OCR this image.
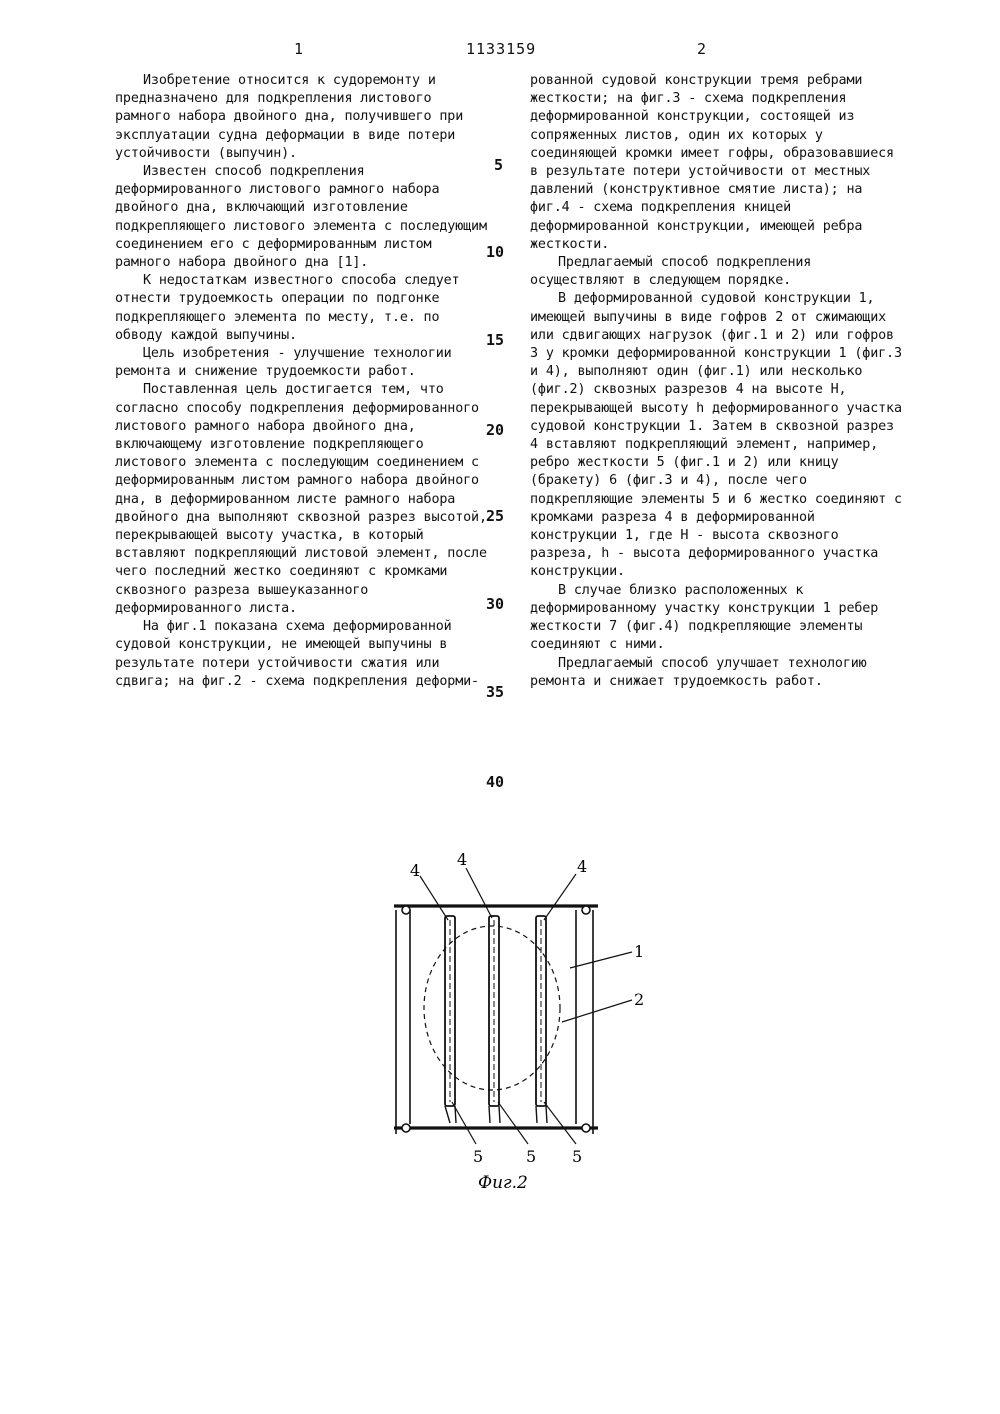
1	1133159	2

Изобретение относится к судоремонту и предназначено для подкрепления листового рамного набора двойного дна, получившего при эксплуатации судна деформации в виде потери устойчивости (выпучин).

Известен способ подкрепления деформированного листового рамного набора двойного дна, включающий изготовление подкрепляющего листового элемента с последующим соединением его с деформированным листом рамного набора двойного дна [1].

К недостаткам известного способа следует отнести трудоемкость операции по подгонке подкрепляющего элемента по месту, т.е. по обводу каждой выпучины.

Цель изобретения - улучшение технологии ремонта и снижение трудоемкости работ.

Поставленная цель достигается тем, что согласно способу подкрепления деформированного листового рамного набора двойного дна, включающему изготовление подкрепляющего листового элемента с последующим соединением с деформированным листом рамного набора двойного дна, в деформированном листе рамного набора двойного дна выполняют сквозной разрез высотой, перекрывающей высоту участка, в который вставляют подкрепляющий листовой элемент, после чего последний жестко соединяют с кромками сквозного разреза вышеуказанного деформированного листа.

На фиг.1 показана схема деформированной судовой конструкции, не имеющей выпучины в результате потери устойчивости сжатия или сдвига; на фиг.2 - схема подкрепления деформи-

рованной судовой конструкции тремя ребрами жесткости; на фиг.3 - схема подкрепления деформированной конструкции, состоящей из сопряженных листов, один их которых у соединяющей кромки имеет гофры, образовавшиеся в результате потери устойчивости от местных давлений (конструктивное смятие листа); на фиг.4 - схема подкрепления кницей деформированной конструкции, имеющей ребра жесткости.

Предлагаемый способ подкрепления осуществляют в следующем порядке.

В деформированной судовой конструкции 1, имеющей выпучины в виде гофров 2 от сжимающих или сдвигающих нагрузок (фиг.1 и 2) или гофров 3 у кромки деформированной конструкции 1 (фиг.3 и 4), выполняют один (фиг.1) или несколько (фиг.2) сквозных разрезов 4 на высоте H, перекрывающей высоту h деформированного участка судовой конструкции 1. Затем в сквозной разрез 4 вставляют подкрепляющий элемент, например, ребро жесткости 5 (фиг.1 и 2) или кницу (бракету) 6 (фиг.3 и 4), после чего подкрепляющие элементы 5 и 6 жестко соединяют с кромками разреза 4 в деформированной конструкции 1, где H - высота сквозного разреза, h - высота деформированного участка конструкции.

В случае близко расположенных к деформированному участку конструкции 1 ребер жесткости 7 (фиг.4) подкрепляющие элементы соединяют с ними.

Предлагаемый способ улучшает технологию ремонта и снижает трудоемкость работ.

5
10
15
20
25
30
35
40
4
4	4
1
2
5	5 5
Фиг.2
